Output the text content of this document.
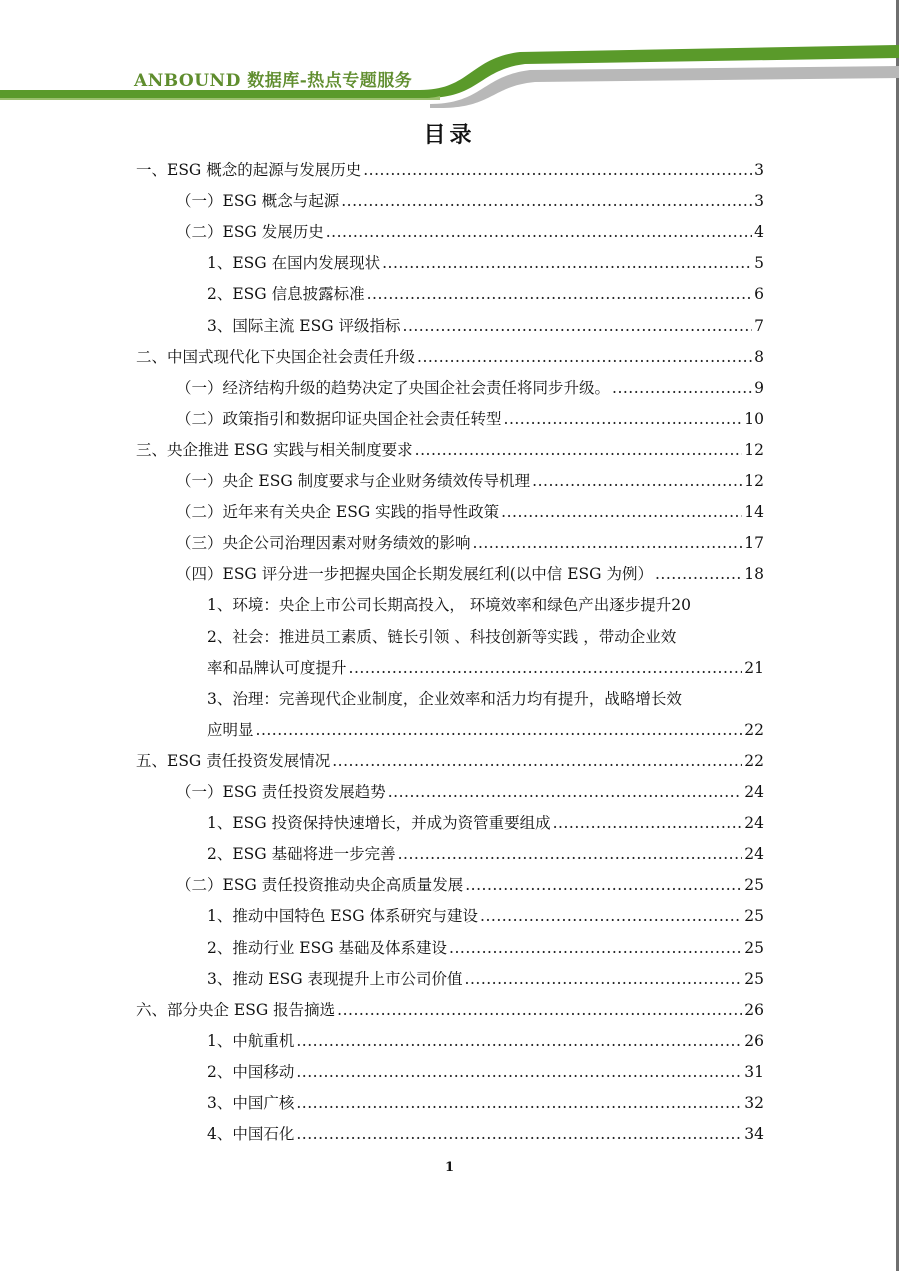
ANBOUND 数据库-热点专题服务
目录
一、ESG 概念的起源与发展历史 .....	3
（一）ESG 概念与起源 .....	3
（二）ESG 发展历史 .....	4
1、ESG 在国内发展现状 .....	5
2、ESG 信息披露标准 .....	6
3、国际主流 ESG 评级指标 .....	7
二、中国式现代化下央国企社会责任升级 .....	8
（一）经济结构升级的趋势决定了央国企社会责任将同步升级。 .....	9
（二）政策指引和数据印证央国企社会责任转型 .....	10
三、央企推进 ESG 实践与相关制度要求 .....	12
（一）央企 ESG 制度要求与企业财务绩效传导机理 .....	12
（二）近年来有关央企 ESG 实践的指导性政策 .....	14
（三）央企公司治理因素对财务绩效的影响 .....	17
（四）ESG 评分进一步把握央国企长期发展红利(以中信 ESG 为例） .....	18
1、环境：央企上市公司长期高投入， 环境效率和绿色产出逐步提升 20
2、社会：推进员工素质、链长引领 、科技创新等实践 ，带动企业效
率和品牌认可度提升 .....	21
3、治理：完善现代企业制度，企业效率和活力均有提升，战略增长效
应明显 .....	22
五、ESG 责任投资发展情况 .....	22
（一）ESG 责任投资发展趋势 .....	24
1、ESG 投资保持快速增长，并成为资管重要组成 .....	24
2、ESG 基础将进一步完善 .....	24
（二）ESG 责任投资推动央企高质量发展 .....	25
1、推动中国特色 ESG 体系研究与建设 .....	25
2、推动行业 ESG 基础及体系建设 .....	25
3、推动 ESG 表现提升上市公司价值 .....	25
六、部分央企 ESG 报告摘选 .....	26
1、中航重机 .....	26
2、中国移动 .....	31
3、中国广核 .....	32
4、中国石化 .....	34
1
